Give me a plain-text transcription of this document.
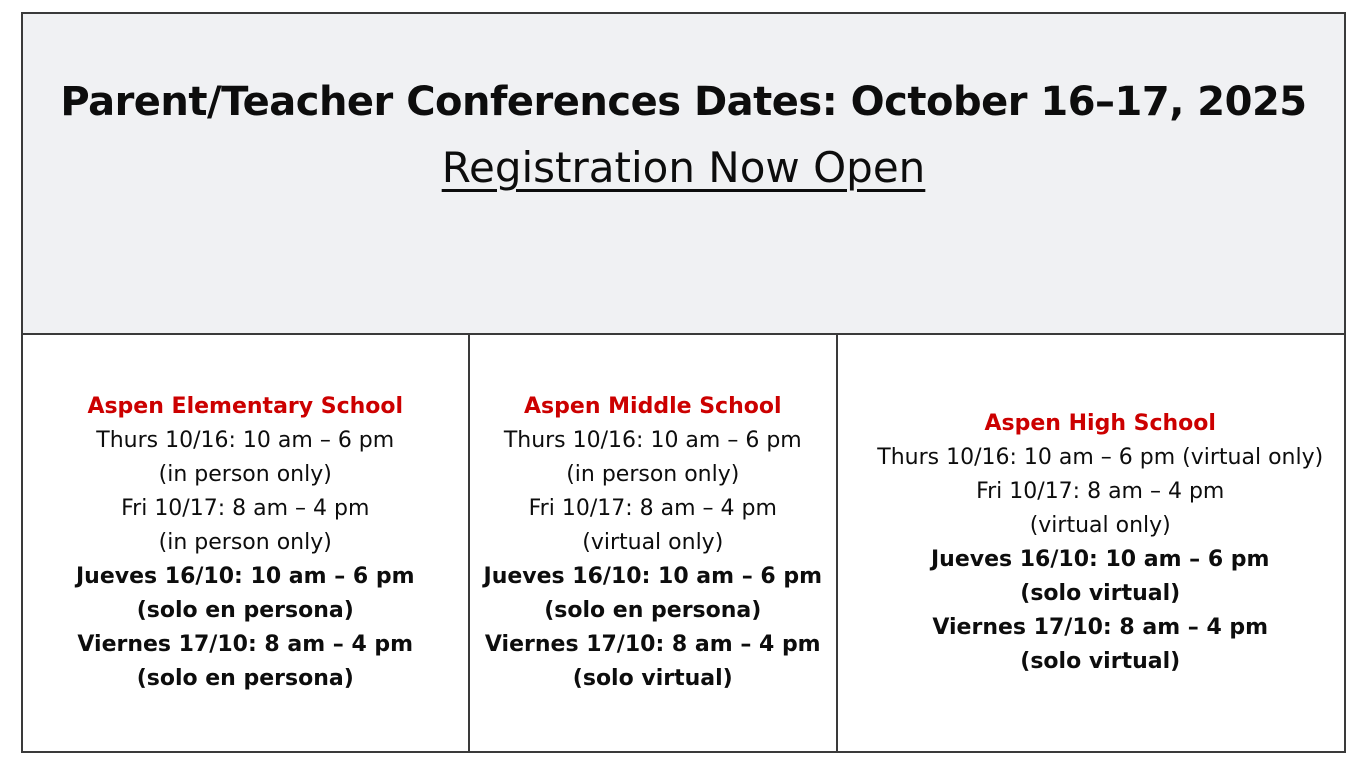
Parent/Teacher Conferences Dates: October 16–17, 2025
Registration Now Open
Aspen Elementary School
Thurs 10/16: 10 am – 6 pm
(in person only)
Fri 10/17: 8 am – 4 pm
(in person only)
Jueves 16/10: 10 am – 6 pm
(solo en persona)
Viernes 17/10: 8 am – 4 pm
(solo en persona)
Aspen Middle School
Thurs 10/16: 10 am – 6 pm
(in person only)
Fri 10/17: 8 am – 4 pm
(virtual only)
Jueves 16/10: 10 am – 6 pm
(solo en persona)
Viernes 17/10: 8 am – 4 pm
(solo virtual)
Aspen High School
Thurs 10/16: 10 am – 6 pm (virtual only)
Fri 10/17: 8 am – 4 pm
(virtual only)
Jueves 16/10: 10 am – 6 pm
(solo virtual)
Viernes 17/10: 8 am – 4 pm
(solo virtual)
